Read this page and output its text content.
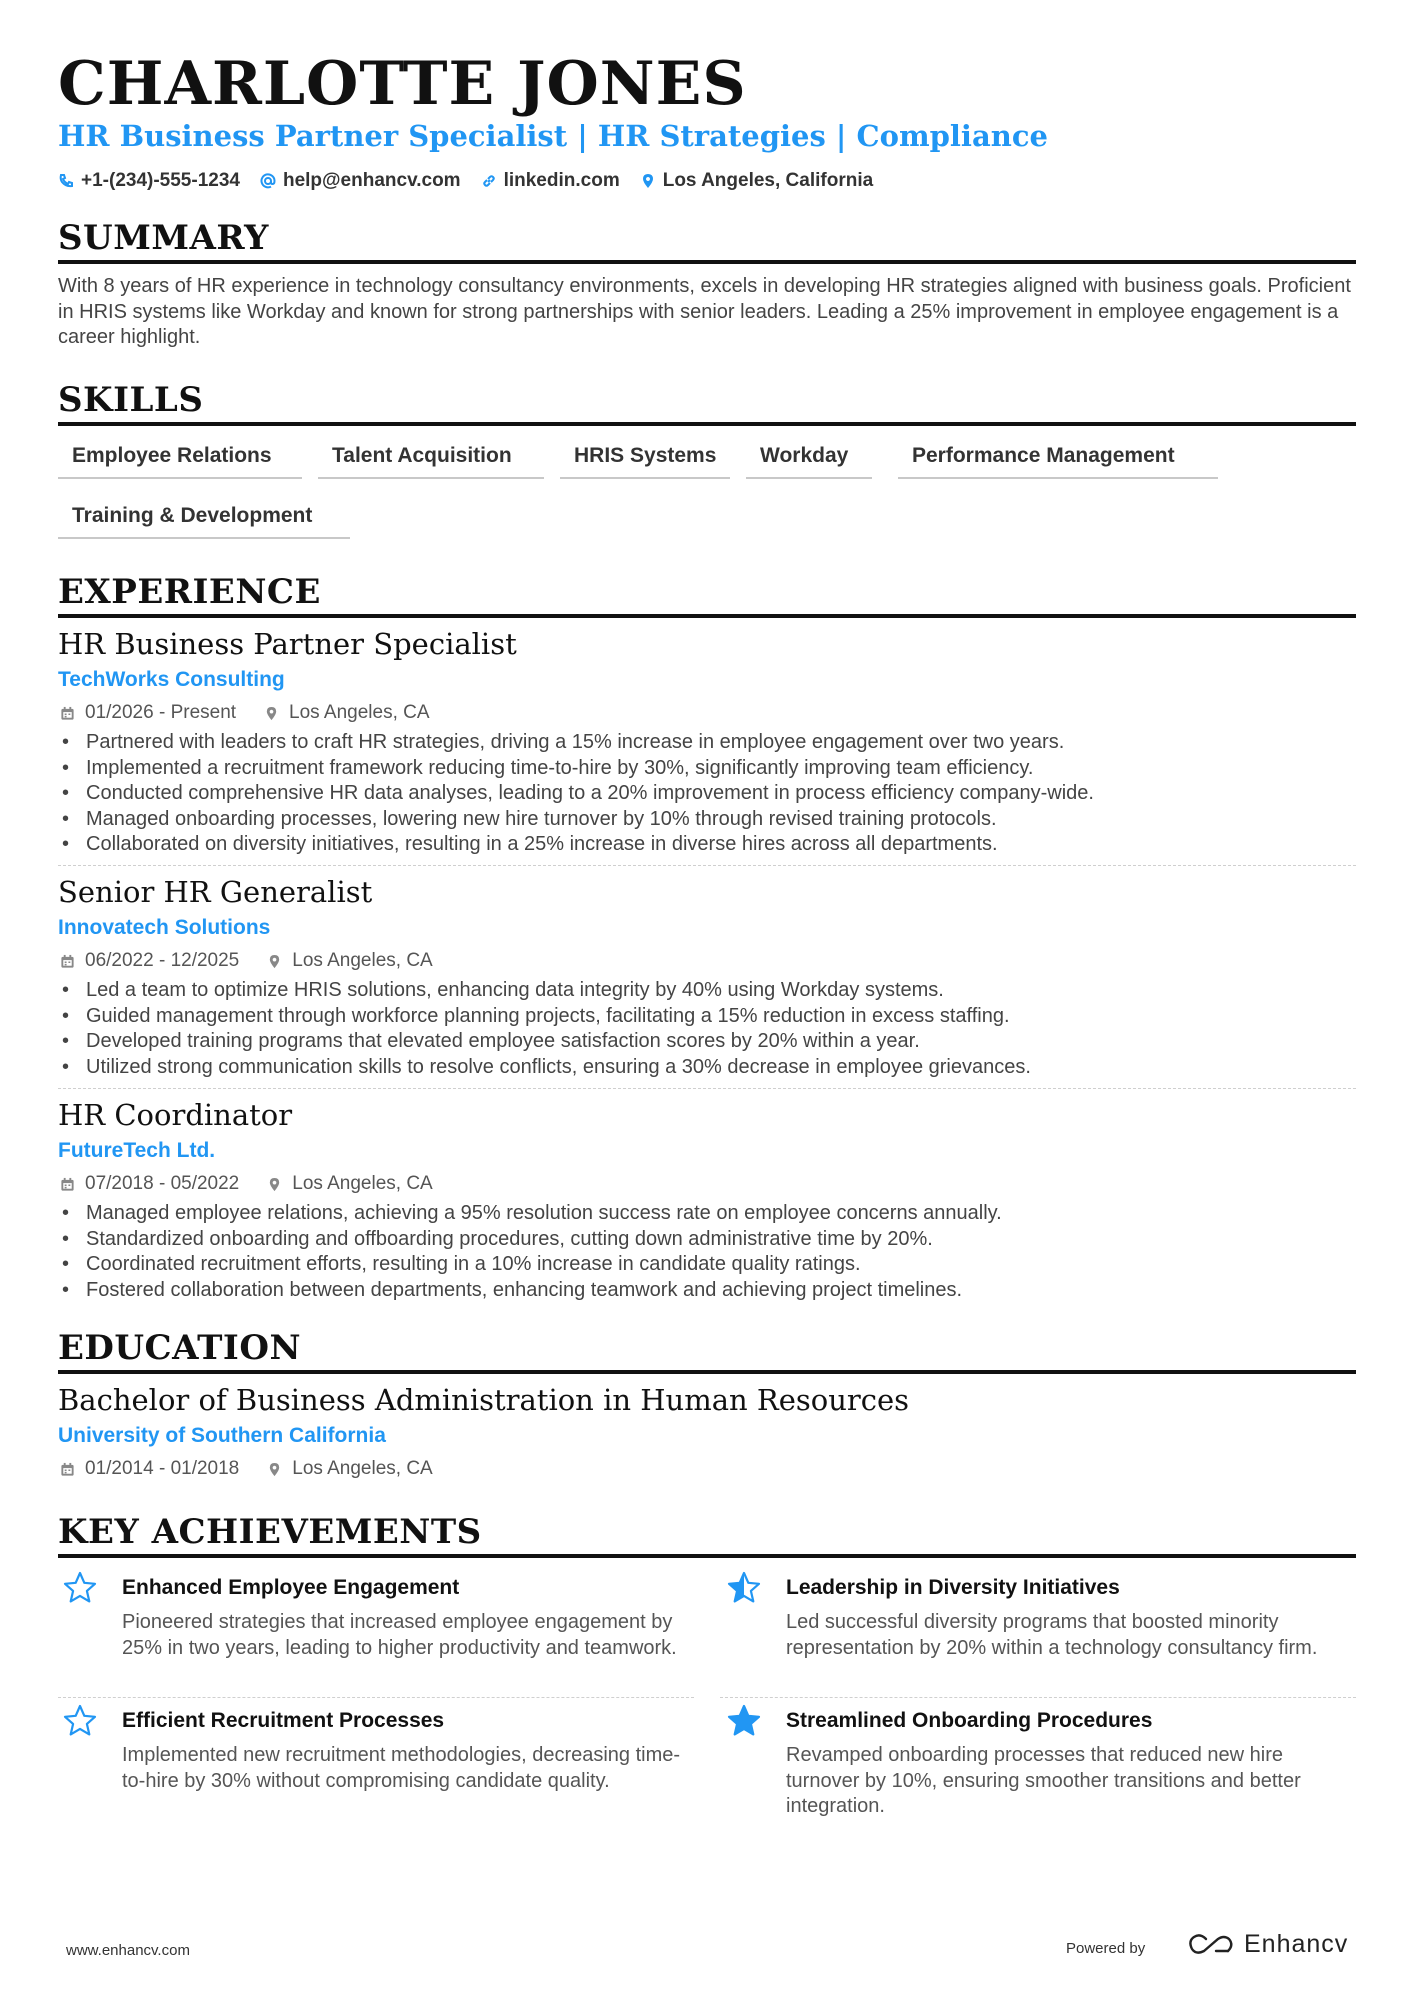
CHARLOTTE JONES
HR Business Partner Specialist | HR Strategies | Compliance
+1-(234)-555-1234 help@enhancv.com linkedin.com Los Angeles, California
SUMMARY
With 8 years of HR experience in technology consultancy environments, excels in developing HR strategies aligned with business goals. Proficient in HRIS systems like Workday and known for strong partnerships with senior leaders. Leading a 25% improvement in employee engagement is a career highlight.
SKILLS
Employee Relations	Talent Acquisition	HRIS Systems	Workday	Performance Management
Training & Development
EXPERIENCE
HR Business Partner Specialist
TechWorks Consulting
01/2026 - Present	Los Angeles, CA
• Partnered with leaders to craft HR strategies, driving a 15% increase in employee engagement over two years.
• Implemented a recruitment framework reducing time-to-hire by 30%, significantly improving team efficiency.
• Conducted comprehensive HR data analyses, leading to a 20% improvement in process efficiency company-wide.
• Managed onboarding processes, lowering new hire turnover by 10% through revised training protocols.
• Collaborated on diversity initiatives, resulting in a 25% increase in diverse hires across all departments.
Senior HR Generalist
Innovatech Solutions
06/2022 - 12/2025	Los Angeles, CA
• Led a team to optimize HRIS solutions, enhancing data integrity by 40% using Workday systems.
• Guided management through workforce planning projects, facilitating a 15% reduction in excess staffing.
• Developed training programs that elevated employee satisfaction scores by 20% within a year.
• Utilized strong communication skills to resolve conflicts, ensuring a 30% decrease in employee grievances.
HR Coordinator
FutureTech Ltd.
07/2018 - 05/2022	Los Angeles, CA
• Managed employee relations, achieving a 95% resolution success rate on employee concerns annually.
• Standardized onboarding and offboarding procedures, cutting down administrative time by 20%.
• Coordinated recruitment efforts, resulting in a 10% increase in candidate quality ratings.
• Fostered collaboration between departments, enhancing teamwork and achieving project timelines.
EDUCATION
Bachelor of Business Administration in Human Resources
University of Southern California
01/2014 - 01/2018	Los Angeles, CA
KEY ACHIEVEMENTS
Enhanced Employee Engagement
Pioneered strategies that increased employee engagement by 25% in two years, leading to higher productivity and teamwork.
Leadership in Diversity Initiatives
Led successful diversity programs that boosted minority representation by 20% within a technology consultancy firm.
Efficient Recruitment Processes
Implemented new recruitment methodologies, decreasing time-to-hire by 30% without compromising candidate quality.
Streamlined Onboarding Procedures
Revamped onboarding processes that reduced new hire turnover by 10%, ensuring smoother transitions and better integration.
www.enhancv.com	Powered by	Enhancv
